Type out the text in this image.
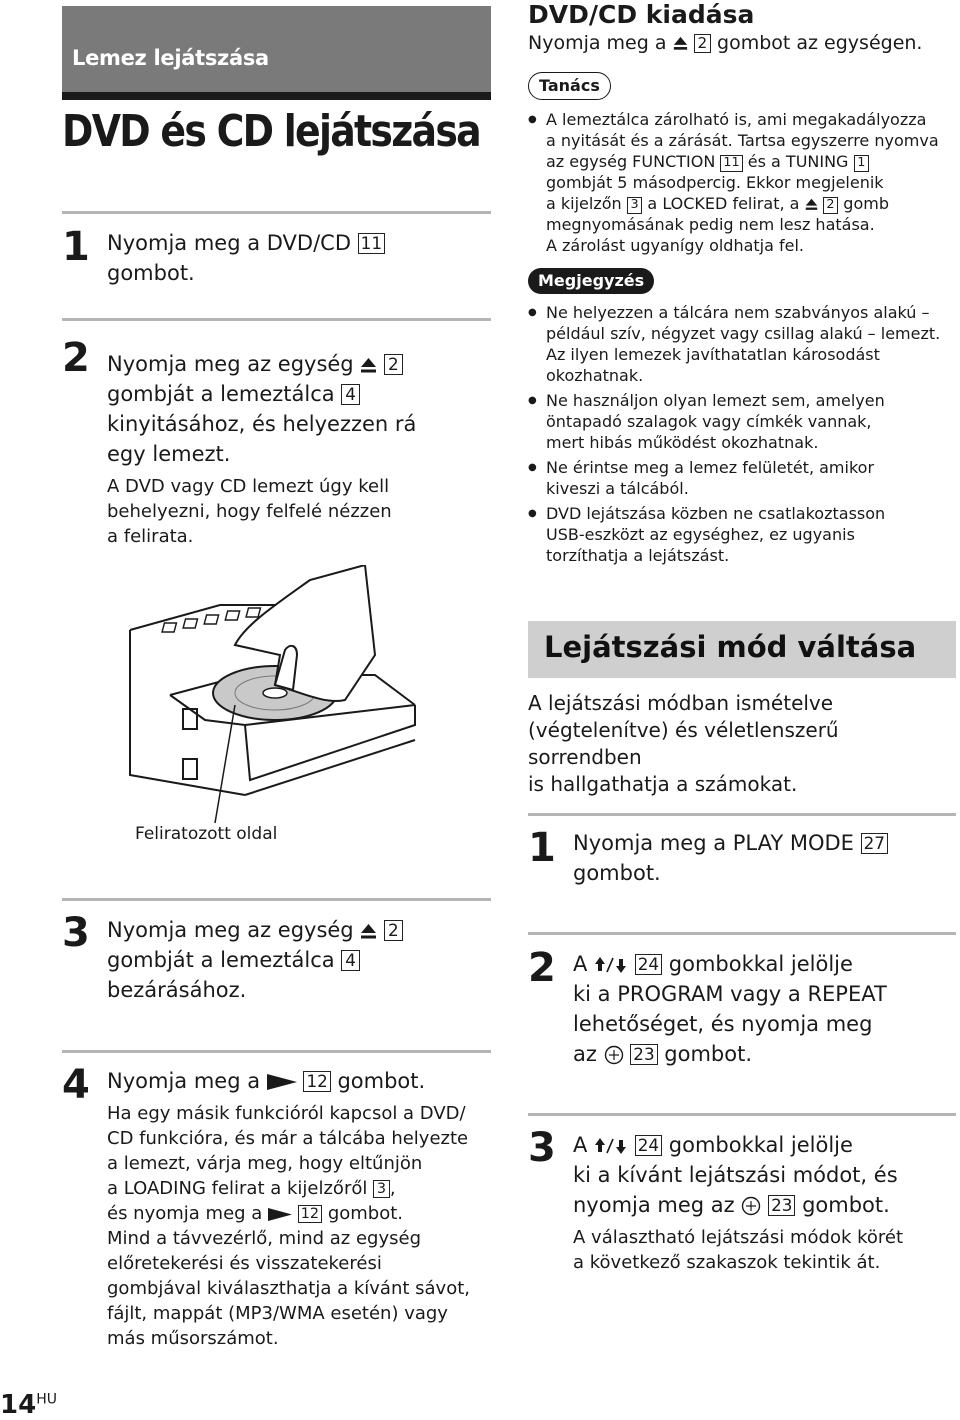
Lemez lejátszása
DVD és CD lejátszása
1 Nyomja meg a DVD/CD 11
gombot.
2 Nyomja meg az egység  2
gombját a lemeztálca 4
kinyitásához, és helyezzen rá
egy lemezt.
A DVD vagy CD lemezt úgy kell
behelyezni, hogy felfelé nézzen
a felirata.
Feliratozott oldal
3 Nyomja meg az egység  2
gombját a lemeztálca 4
bezárásához.
4 Nyomja meg a  12 gombot.
Ha egy másik funkcióról kapcsol a DVD/
CD funkcióra, és már a tálcába helyezte
a lemezt, várja meg, hogy eltűnjön
a LOADING felirat a kijelzőről 3 ,
és nyomja meg a  12 gombot.
Mind a távvezérlő, mind az egység
előretekerési és visszatekerési
gombjával kiválaszthatja a kívánt sávot,
fájlt, mappát (MP3/WMA esetén) vagy
más műsorszámot.
DVD/CD kiadása
Nyomja meg a  2 gombot az egységen.
Tanács
● A lemeztálca zárolható is, ami megakadályozza
a nyitását és a zárását. Tartsa egyszerre nyomva
az egység FUNCTION 11 és a TUNING 1
gombját 5 másodpercig. Ekkor megjelenik
a kijelzőn 3 a LOCKED felirat, a  2 gomb
megnyomásának pedig nem lesz hatása.
A zárolást ugyanígy oldhatja fel.
Megjegyzés
● Ne helyezzen a tálcára nem szabványos alakú –
például szív, négyzet vagy csillag alakú – lemezt.
Az ilyen lemezek javíthatatlan károsodást
okozhatnak.
● Ne használjon olyan lemezt sem, amelyen
öntapadó szalagok vagy címkék vannak,
mert hibás működést okozhatnak.
● Ne érintse meg a lemez felületét, amikor
kiveszi a tálcából.
● DVD lejátszása közben ne csatlakoztasson
USB-eszközt az egységhez, ez ugyanis
torzíthatja a lejátszást.
Lejátszási mód váltása
A lejátszási módban ismételve
(végtelenítve) és véletlenszerű sorrendben
is hallgathatja a számokat.
1 Nyomja meg a PLAY MODE 27
gombot.
2 A	24 gombokkal jelölje
ki a PROGRAM vagy a REPEAT
lehetőséget, és nyomja meg
az  23 gombot.
3 A	24 gombokkal jelölje
ki a kívánt lejátszási módot, és
nyomja meg az  23 gombot.
A választható lejátszási módok körét
a következő szakaszok tekintik át.
$14^{HU}$
